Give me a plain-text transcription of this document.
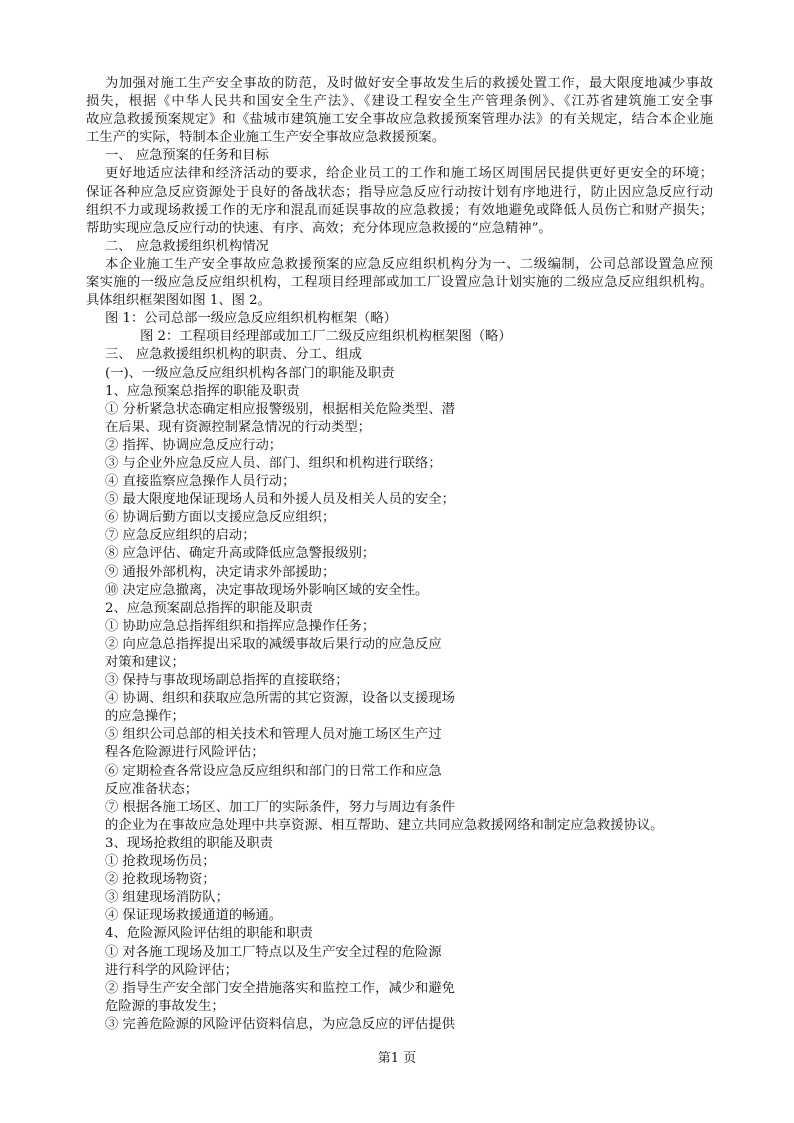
为加强对施工生产安全事故的防范，及时做好安全事故发生后的救援处置工作，最大限度地减少事故
损失，根据《中华人民共和国安全生产法》、《建设工程安全生产管理条例》、《江苏省建筑施工安全事
故应急救援预案规定》和《盐城市建筑施工安全事故应急救援预案管理办法》的有关规定，结合本企业施
工生产的实际，特制本企业施工生产安全事故应急救援预案。
一、 应急预案的任务和目标
更好地适应法律和经济活动的要求，给企业员工的工作和施工场区周围居民提供更好更安全的环境；
保证各种应急反应资源处于良好的备战状态；指导应急反应行动按计划有序地进行，防止因应急反应行动
组织不力或现场救援工作的无序和混乱而延误事故的应急救援；有效地避免或降低人员伤亡和财产损失；
帮助实现应急反应行动的快速、有序、高效；充分体现应急救援的“应急精神”。
二、 应急救援组织机构情况
本企业施工生产安全事故应急救援预案的应急反应组织机构分为一、二级编制，公司总部设置急应预
案实施的一级应急反应组织机构，工程项目经理部或加工厂设置应急计划实施的二级应急反应组织机构。
具体组织框架图如图 1、图 2。
图 1：公司总部一级应急反应组织机构框架（略）
图 2：工程项目经理部或加工厂二级反应组织机构框架图（略）
三、 应急救援组织机构的职责、分工、组成
(一)、一级应急反应组织机构各部门的职能及职责
1、应急预案总指挥的职能及职责
① 分析紧急状态确定相应报警级别，根据相关危险类型、潜
在后果、现有资源控制紧急情况的行动类型；
② 指挥、协调应急反应行动；
③ 与企业外应急反应人员、部门、组织和机构进行联络；
④ 直接监察应急操作人员行动；
⑤ 最大限度地保证现场人员和外援人员及相关人员的安全；
⑥ 协调后勤方面以支援应急反应组织；
⑦ 应急反应组织的启动；
⑧ 应急评估、确定升高或降低应急警报级别；
⑨ 通报外部机构，决定请求外部援助；
⑩ 决定应急撤离，决定事故现场外影响区域的安全性。
2、应急预案副总指挥的职能及职责
① 协助应急总指挥组织和指挥应急操作任务；
② 向应急总指挥提出采取的减缓事故后果行动的应急反应
对策和建议；
③ 保持与事故现场副总指挥的直接联络；
④ 协调、组织和获取应急所需的其它资源，设备以支援现场
的应急操作；
⑤ 组织公司总部的相关技术和管理人员对施工场区生产过
程各危险源进行风险评估；
⑥ 定期检查各常设应急反应组织和部门的日常工作和应急
反应准备状态；
⑦ 根据各施工场区、加工厂的实际条件，努力与周边有条件
的企业为在事故应急处理中共享资源、相互帮助、建立共同应急救援网络和制定应急救援协议。
3、现场抢救组的职能及职责
① 抢救现场伤员；
② 抢救现场物资；
③ 组建现场消防队；
④ 保证现场救援通道的畅通。
4、危险源风险评估组的职能和职责
① 对各施工现场及加工厂特点以及生产安全过程的危险源
进行科学的风险评估；
② 指导生产安全部门安全措施落实和监控工作，减少和避免
危险源的事故发生；
③ 完善危险源的风险评估资料信息，为应急反应的评估提供
第1 页
